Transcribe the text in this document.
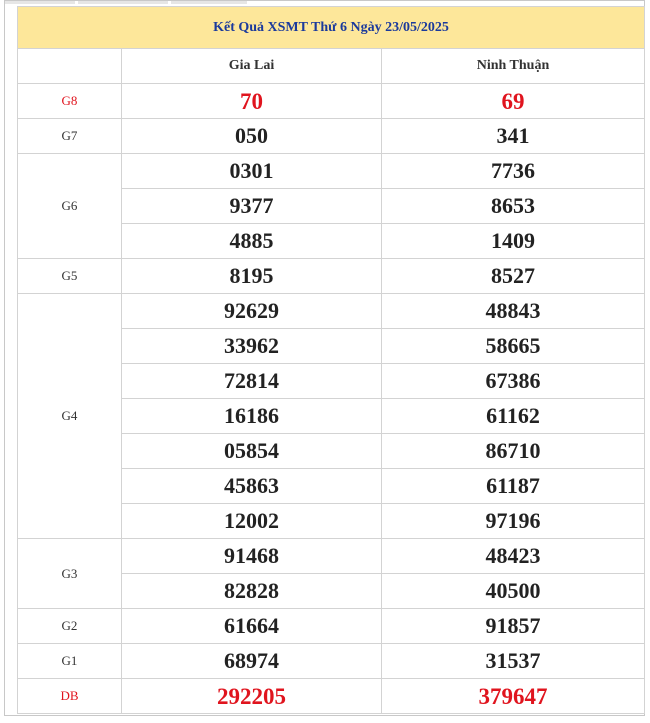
Kết Quả XSMT Thứ 6 Ngày 23/05/2025		
	Gia Lai	Ninh Thuận
G8	70	69
G7	050	341
G6	0301	7736
	9377	8653
	4885	1409
G5	8195	8527
G4	92629	48843
	33962	58665
	72814	67386
	16186	61162
	05854	86710
	45863	61187
	12002	97196
G3	91468	48423
	82828	40500
G2	61664	91857
G1	68974	31537
DB	292205	379647
